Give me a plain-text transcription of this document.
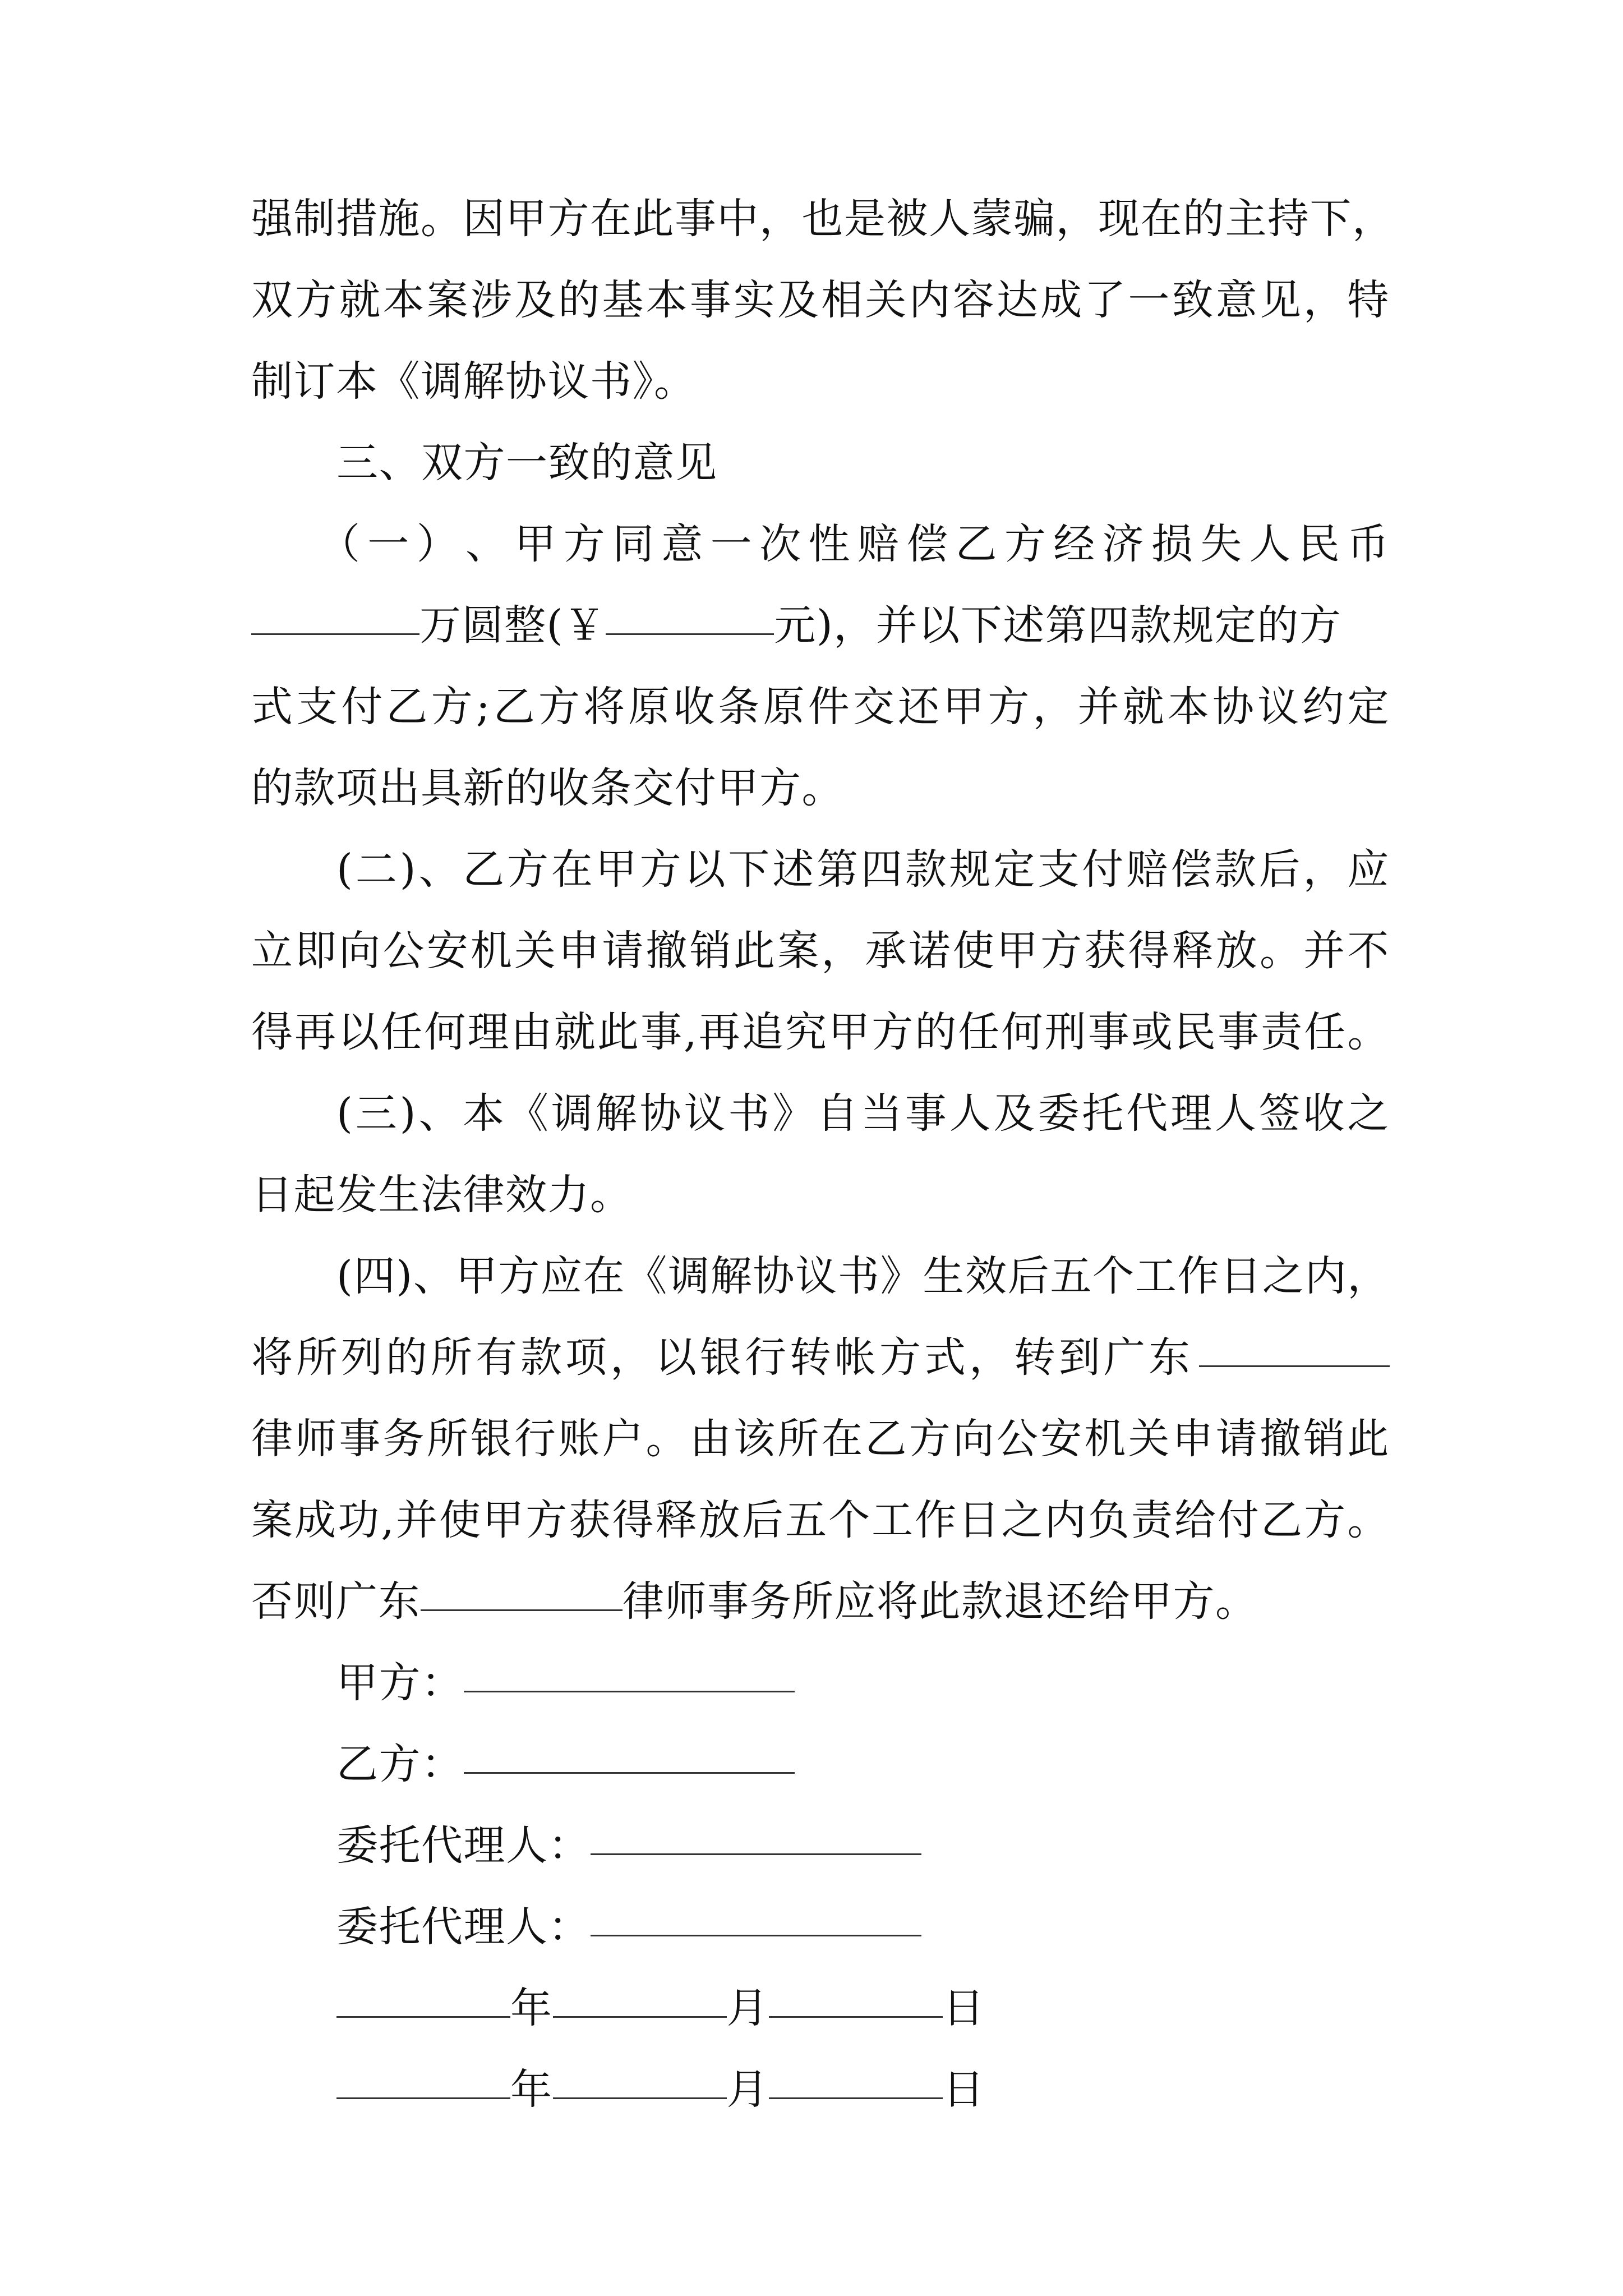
强 制 措 施 。 因 甲 方 在 此 事 中 ， 也 是 被 人 蒙 骗 ， 现 在 的 主 持 下 ，
双 方 就 本 案 涉 及 的 基 本 事 实 及 相 关 内 容 达 成 了 一 致 意 见 ， 特
制订本《调解协议书》。
三、双方一致的意见
（ 一 ） 、 甲 方 同 意 一 次 性 赔 偿 乙 方 经 济 损 失 人 民 币
万圆整(￥	元)，并以下述第四款规定的方
式 支 付 乙 方 ; 乙 方 将 原 收 条 原 件 交 还 甲 方 ， 并 就 本 协 议 约 定
的款项出具新的收条交付甲方。
( 二 ) 、 乙 方 在 甲 方 以 下 述 第 四 款 规 定 支 付 赔 偿 款 后 ， 应
立 即 向 公 安 机 关 申 请 撤 销 此 案 ， 承 诺 使 甲 方 获 得 释 放 。 并 不
得 再 以 任 何 理 由 就 此 事 , 再 追 究 甲 方 的 任 何 刑 事 或 民 事 责 任 。
( 三 ) 、 本 《 调 解 协 议 书 》 自 当 事 人 及 委 托 代 理 人 签 收 之
日起发生法律效力。
( 四 ) 、 甲 方 应 在 《 调 解 协 议 书 》 生 效 后 五 个 工 作 日 之 内 ，
将所列的所有款项，以银行转帐方式，转到广东
律 师 事 务 所 银 行 账 户 。 由 该 所 在 乙 方 向 公 安 机 关 申 请 撤 销 此
案 成 功 , 并 使 甲 方 获 得 释 放 后 五 个 工 作 日 之 内 负 责 给 付 乙 方 。
否则广东	律师事务所应将此款退还给甲方。
甲方：
乙方：
委托代理人：
委托代理人：
年	月	日
年	月	日
